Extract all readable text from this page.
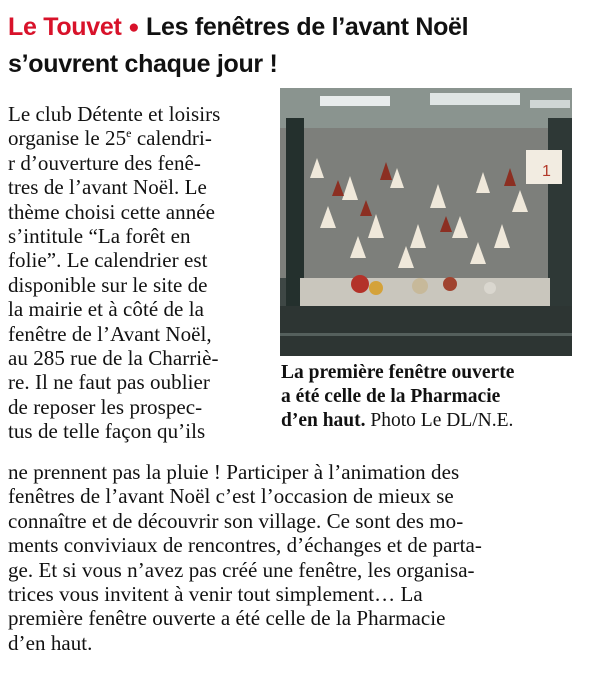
Le Touvet ● Les fenêtres de l’avant Noël
s’ouvrent chaque jour !
Le club Détente et loisirs
organise le 25e calendri-
r d’ouverture des fenê-
tres de l’avant Noël. Le
thème choisi cette année
s’intitule “La forêt en
folie”. Le calendrier est
disponible sur le site de
la mairie et à côté de la
fenêtre de l’Avant Noël,
au 285 rue de la Charriè-
re. Il ne faut pas oublier
de reposer les prospec-
tus de telle façon qu’ils
1
La première fenêtre ouverte
a été celle de la Pharmacie
d’en haut. Photo Le DL/N.E.
ne prennent pas la pluie ! Participer à l’animation des
fenêtres de l’avant Noël c’est l’occasion de mieux se
connaître et de découvrir son village. Ce sont des mo-
ments conviviaux de rencontres, d’échanges et de parta-
ge. Et si vous n’avez pas créé une fenêtre, les organisa-
trices vous invitent à venir tout simplement… La
première fenêtre ouverte a été celle de la Pharmacie
d’en haut.
